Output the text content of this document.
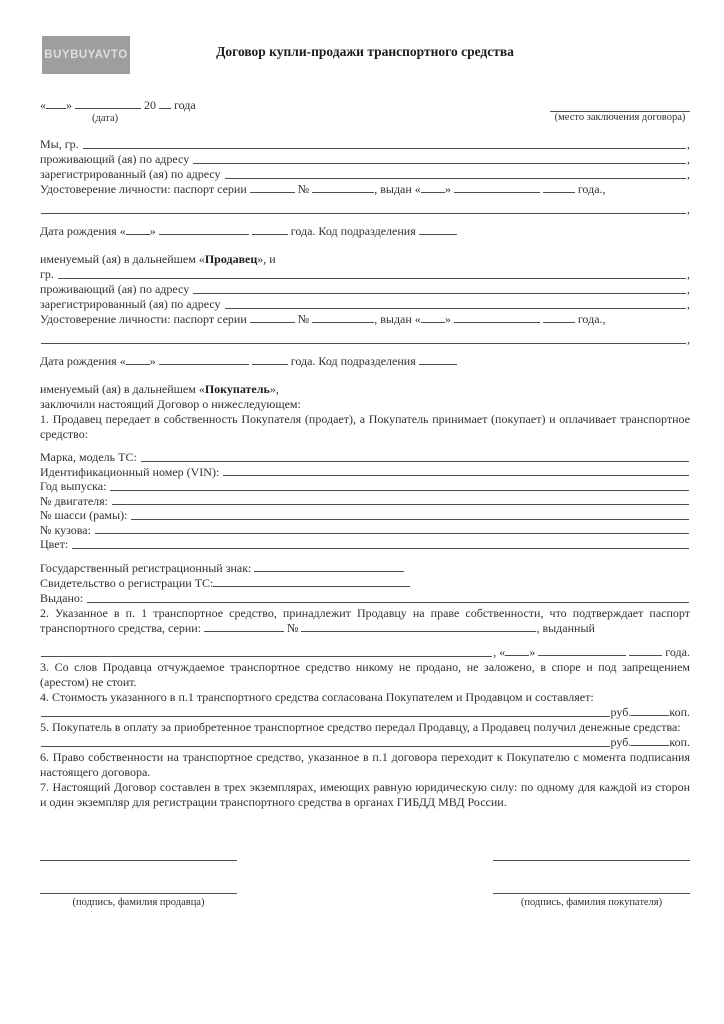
BUYBUYAVTO	Договор купли-продажи транспортного средства
« »	20 года
(дата)	(место заключения договора)
Мы, гр.	,
проживающий (ая) по адресу	,
зарегистрированный (ая) по адресу	,
Удостоверение личности: паспорт серии	№	, выдан « »	года.,
,
Дата рождения « »	года. Код подразделения
именуемый (ая) в дальнейшем «Продавец», и
гр.	,
проживающий (ая) по адресу	,
зарегистрированный (ая) по адресу	,
Удостоверение личности: паспорт серии	№	, выдан « »	года.,
,
Дата рождения « »	года. Код подразделения
именуемый (ая) в дальнейшем «Покупатель»,

заключили настоящий Договор о нижеследующем:

1. Продавец передает в собственность Покупателя (продает), а Покупатель принимает (покупает) и оплачивает транспортное средство:

Марка, модель ТС:
Идентификационный номер (VIN):
Год выпуска:
№ двигателя:
№ шасси (рамы):
№ кузова:
Цвет:
Государственный регистрационный знак:
Свидетельство о регистрации ТС:
Выдано:

2. Указанное в п. 1 транспортное средство, принадлежит Продавцу на праве собственности, что подтверждает паспорт транспортного средства, серии:	№	, выданный

, « »	года.

3. Со слов Продавца отчуждаемое транспортное средство никому не продано, не заложено, в споре и под запрещением (арестом) не стоит.

4. Стоимость указанного в п.1 транспортного средства согласована Покупателем и Продавцом и составляет:

руб.	коп.

5. Покупатель в оплату за приобретенное транспортное средство передал Продавцу, а Продавец получил денежные средства:

руб.	коп.

6. Право собственности на транспортное средство, указанное в п.1 договора переходит к Покупателю с момента подписания настоящего договора.

7. Настоящий Договор составлен в трех экземплярах, имеющих равную юридическую силу: по одному для каждой из сторон и один экземпляр для регистрации транспортного средства в органах ГИБДД МВД России.

(подпись, фамилия продавца)	(подпись, фамилия покупателя)
